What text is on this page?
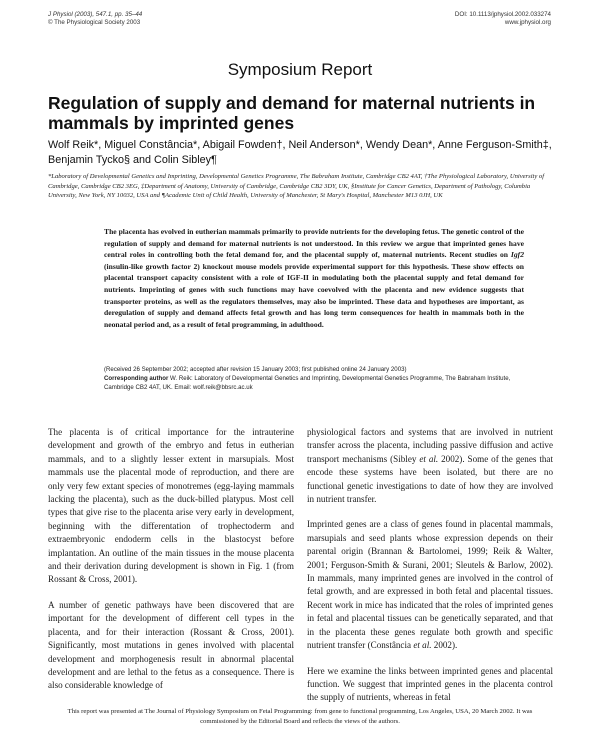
J Physiol (2003), 547.1, pp. 35–44
© The Physiological Society 2003
DOI: 10.1113/jphysiol.2002.033274
www.jphysiol.org
Symposium Report
Regulation of supply and demand for maternal nutrients in mammals by imprinted genes

Wolf Reik*, Miguel Constância*, Abigail Fowden†, Neil Anderson*, Wendy Dean*, Anne Ferguson-Smith‡, Benjamin Tycko§ and Colin Sibley¶

*Laboratory of Developmental Genetics and Imprinting, Developmental Genetics Programme, The Babraham Institute, Cambridge CB2 4AT, †The Physiological Laboratory, University of Cambridge, Cambridge CB2 3EG, ‡Department of Anatomy, University of Cambridge, Cambridge CB2 3DY, UK, §Institute for Cancer Genetics, Department of Pathology, Columbia University, New York, NY 10032, USA and ¶Academic Unit of Child Health, University of Manchester, St Mary's Hospital, Manchester M13 0JH, UK

The placenta has evolved in eutherian mammals primarily to provide nutrients for the developing fetus. The genetic control of the regulation of supply and demand for maternal nutrients is not understood. In this review we argue that imprinted genes have central roles in controlling both the fetal demand for, and the placental supply of, maternal nutrients. Recent studies on Igf2 (insulin-like growth factor 2) knockout mouse models provide experimental support for this hypothesis. These show effects on placental transport capacity consistent with a role of IGF-II in modulating both the placental supply and fetal demand for nutrients. Imprinting of genes with such functions may have coevolved with the placenta and new evidence suggests that transporter proteins, as well as the regulators themselves, may also be imprinted. These data and hypotheses are important, as deregulation of supply and demand affects fetal growth and has long term consequences for health in mammals both in the neonatal period and, as a result of fetal programming, in adulthood.

(Received 26 September 2002; accepted after revision 15 January 2003; first published online 24 January 2003)

Corresponding author W. Reik: Laboratory of Developmental Genetics and Imprinting, Developmental Genetics Programme, The Babraham Institute, Cambridge CB2 4AT, UK. Email: wolf.reik@bbsrc.ac.uk

The placenta is of critical importance for the intrauterine development and growth of the embryo and fetus in eutherian mammals, and to a slightly lesser extent in marsupials. Most mammals use the placental mode of reproduction, and there are only very few extant species of monotremes (egg-laying mammals lacking the placenta), such as the duck-billed platypus. Most cell types that give rise to the placenta arise very early in development, beginning with the differentation of trophectoderm and extraembryonic endoderm cells in the blastocyst before implantation. An outline of the main tissues in the mouse placenta and their derivation during development is shown in Fig. 1 (from Rossant & Cross, 2001).

A number of genetic pathways have been discovered that are important for the development of different cell types in the placenta, and for their interaction (Rossant & Cross, 2001). Significantly, most mutations in genes involved with placental development and morphogenesis result in abnormal placental development and are lethal to the fetus as a consequence. There is also considerable knowledge of

physiological factors and systems that are involved in nutrient transfer across the placenta, including passive diffusion and active transport mechanisms (Sibley et al. 2002). Some of the genes that encode these systems have been isolated, but there are no functional genetic investigations to date of how they are involved in nutrient transfer.

Imprinted genes are a class of genes found in placental mammals, marsupials and seed plants whose expression depends on their parental origin (Brannan & Bartolomei, 1999; Reik & Walter, 2001; Ferguson-Smith & Surani, 2001; Sleutels & Barlow, 2002). In mammals, many imprinted genes are involved in the control of fetal growth, and are expressed in both fetal and placental tissues. Recent work in mice has indicated that the roles of imprinted genes in fetal and placental tissues can be genetically separated, and that in the placenta these genes regulate both growth and specific nutrient transfer (Constância et al. 2002).

Here we examine the links between imprinted genes and placental function. We suggest that imprinted genes in the placenta control the supply of nutrients, whereas in fetal

This report was presented at The Journal of Physiology Symposium on Fetal Programming: from gene to functional programming, Los Angeles, USA, 20 March 2002. It was commissioned by the Editorial Board and reflects the views of the authors.
